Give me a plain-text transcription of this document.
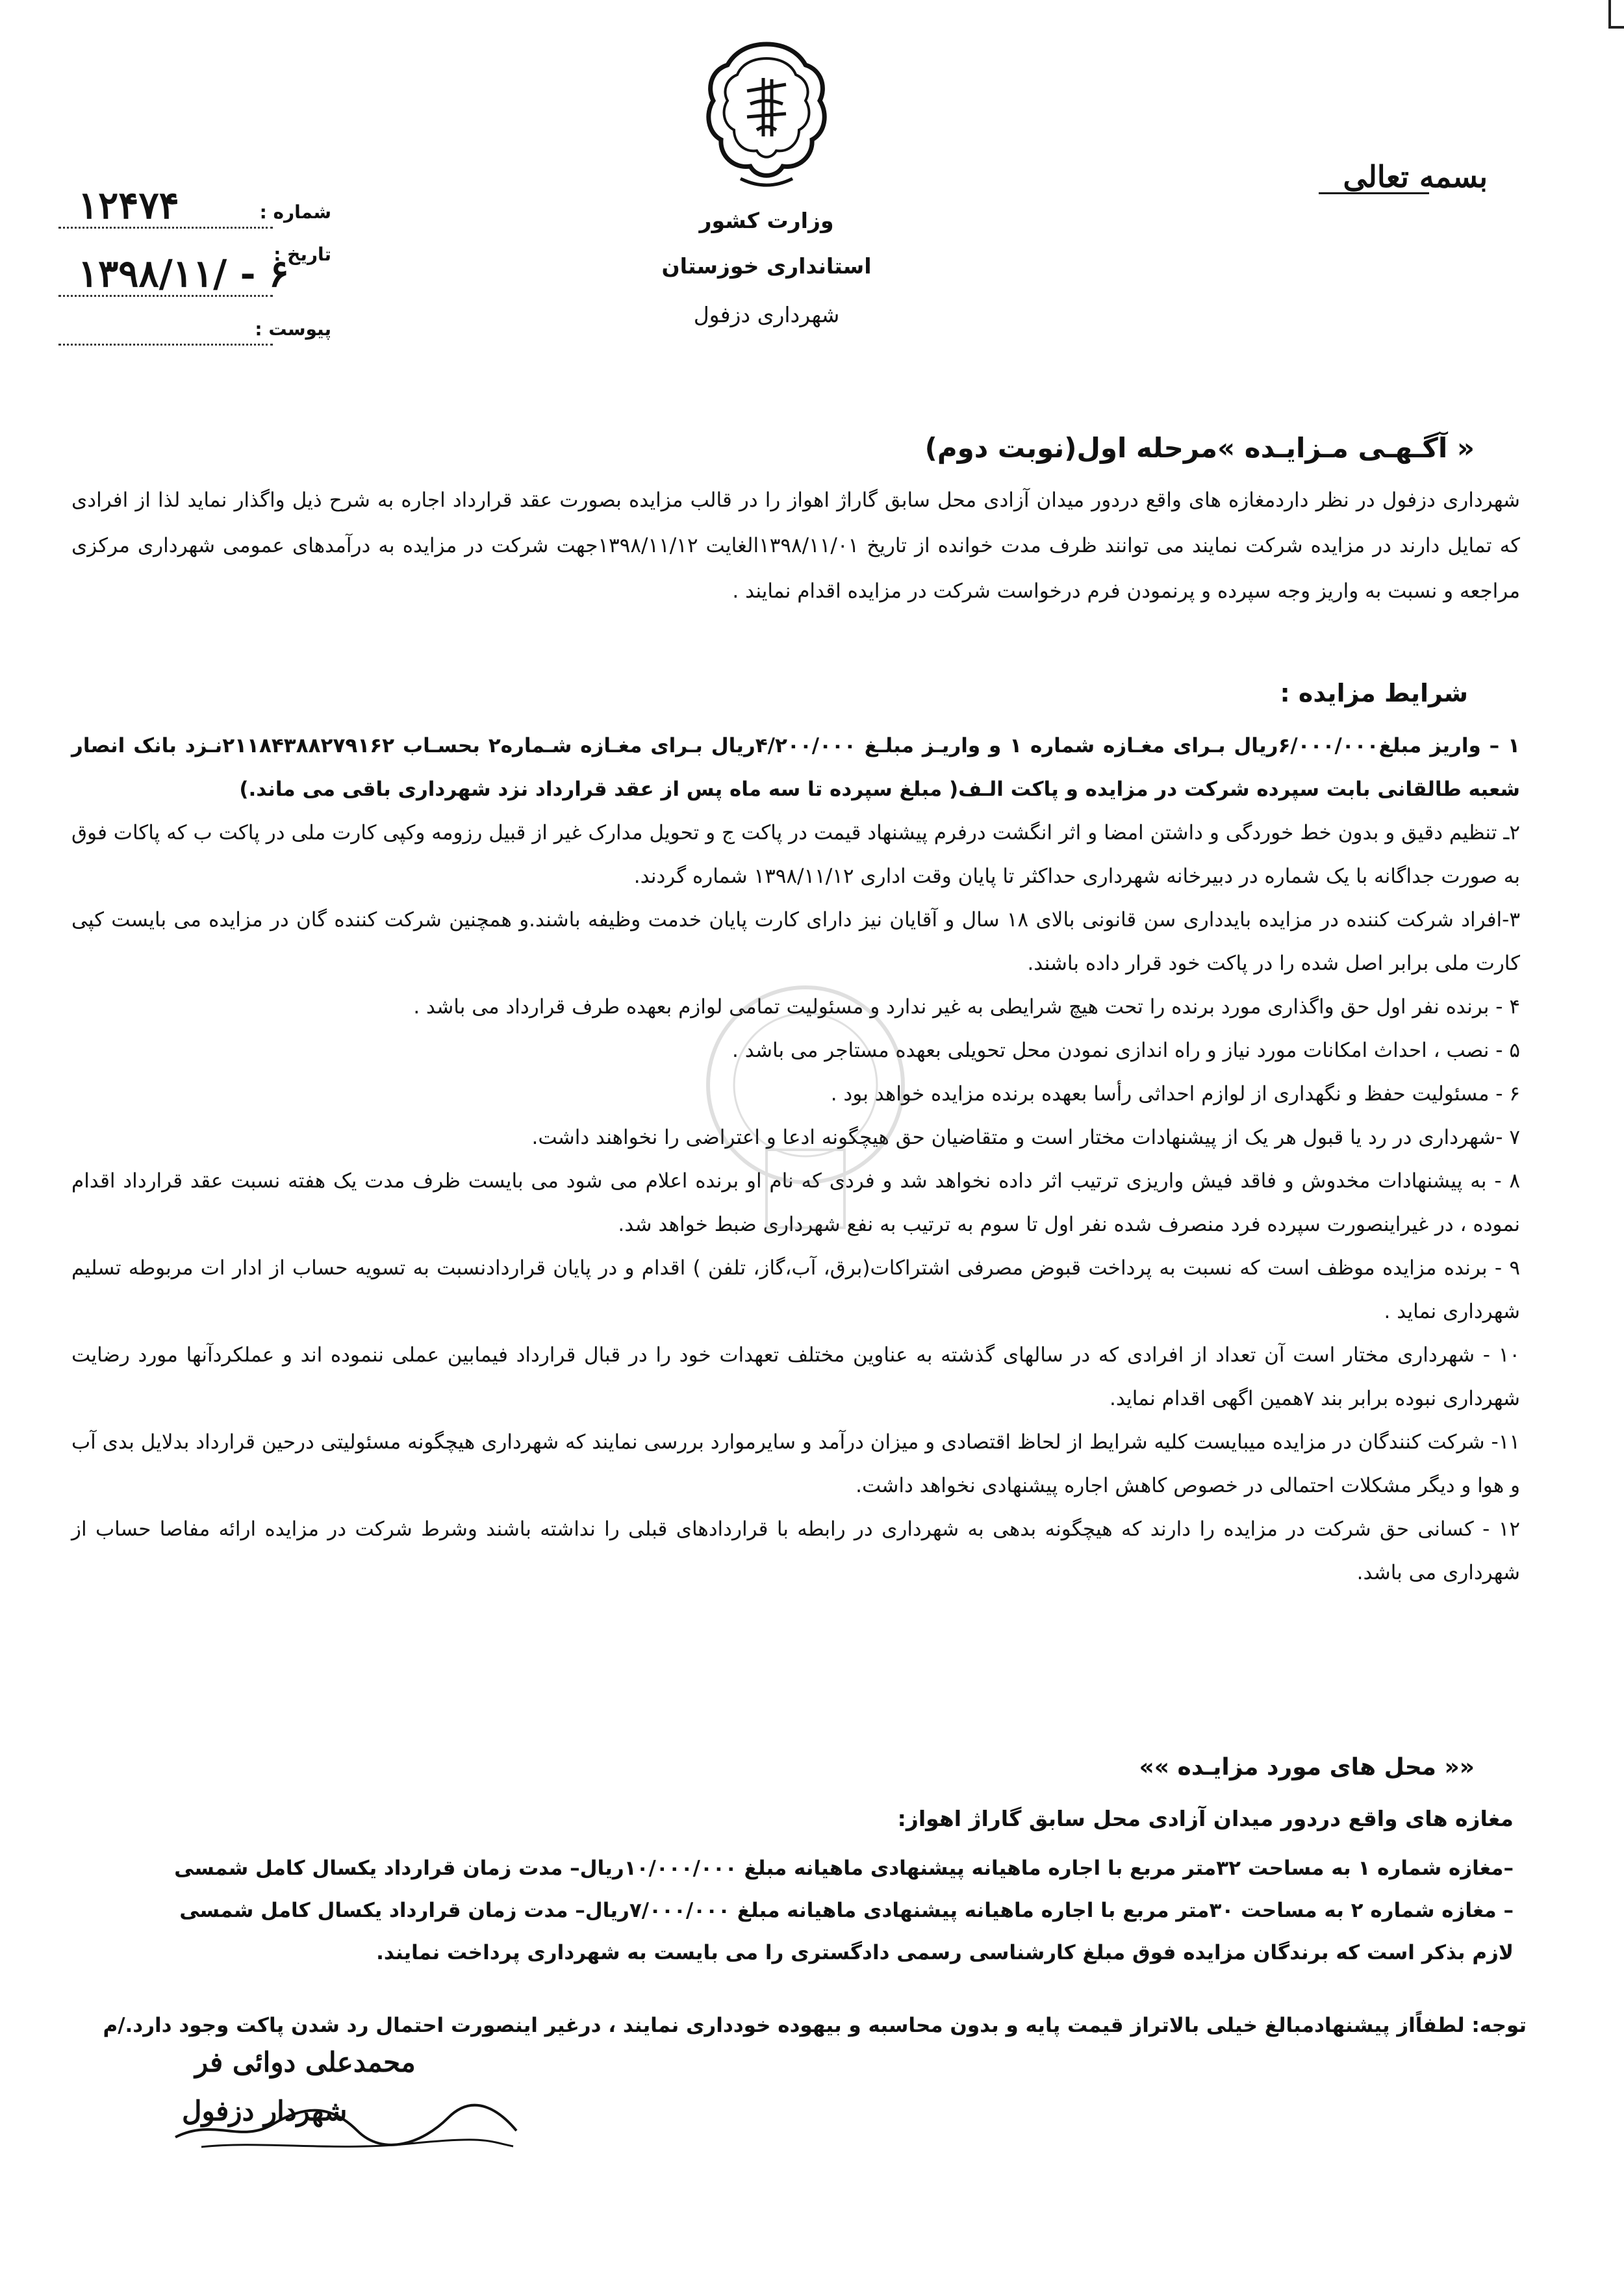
وزارت کشور
استانداری خوزستان
شهرداری دزفول
بسمه تعالی
شماره :
۱۲۴۷۴
تاریخ :
۱۳۹۸/۱۱/ - ۶
پیوست :
« آگـهـی مـزایـده »مرحله اول(نوبت دوم)
شهرداری دزفول در نظر داردمغازه های واقع دردور میدان آزادی محل سابق گاراژ اهواز را در قالب مزایده بصورت عقد قرارداد اجاره به شرح ذیل واگذار نماید لذا از افرادی که تمایل دارند در مزایده شرکت نمایند می توانند ظرف مدت خوانده از تاریخ ۱۳۹۸/۱۱/۰۱الغایت ۱۳۹۸/۱۱/۱۲جهت شرکت در مزایده به درآمدهای عمومی شهرداری مرکزی مراجعه و نسبت به واریز وجه سپرده و پرنمودن فرم درخواست شرکت در مزایده اقدام نمایند .
شرایط مزایده :
۱ – واریز مبلغ۶/۰۰۰/۰۰۰ریال بـرای مغـازه شماره ۱ و واریـز مبلـغ ۴/۲۰۰/۰۰۰ریال بـرای مغـازه شـماره۲ بحسـاب ۲۱۱۸۴۳۸۸۲۷۹۱۶۲نـزد بانک انصار شعبه طالقانی بابت سپرده شرکت در مزایده و پاکت الـف( مبلغ سپرده تا سه ماه پس از عقد قرارداد نزد شهرداری باقی می ماند.)
۲ـ تنظیم دقیق و بدون خط خوردگی و داشتن امضا و اثر انگشت درفرم پیشنهاد قیمت در پاکت ج و تحویل مدارک غیر از قبیل رزومه وکپی کارت ملی در پاکت ب که پاکات فوق به صورت جداگانه با یک شماره در دبیرخانه شهرداری حداکثر تا پایان وقت اداری ۱۳۹۸/۱۱/۱۲ شماره گردند.
۳-افراد شرکت کننده در مزایده بایدداری سن قانونی بالای ۱۸ سال و آقایان نیز دارای کارت پایان خدمت وظیفه باشند.و همچنین شرکت کننده گان در مزایده می بایست کپی کارت ملی برابر اصل شده را در پاکت خود قرار داده باشند.
۴ - برنده نفر اول حق واگذاری مورد برنده را تحت هیچ شرایطی به غیر ندارد و مسئولیت تمامی لوازم بعهده طرف قرارداد می باشد .
۵ - نصب ، احداث امکانات مورد نیاز و راه اندازی نمودن محل تحویلی بعهده مستاجر می باشد .
۶ - مسئولیت حفظ و نگهداری از لوازم احداثی رأسا بعهده برنده مزایده خواهد بود .
۷ -شهرداری در رد یا قبول هر یک از پیشنهادات مختار است و متقاضیان حق هیچگونه ادعا و اعتراضی را نخواهند داشت.
۸ - به پیشنهادات مخدوش و فاقد فیش واریزی ترتیب اثر داده نخواهد شد و فردی که نام او برنده اعلام می شود می بایست ظرف مدت یک هفته نسبت عقد قرارداد اقدام نموده ، در غیراینصورت سپرده فرد منصرف شده نفر اول تا سوم به ترتیب به نفع شهرداری ضبط خواهد شد.
۹ - برنده مزایده موظف است که نسبت به پرداخت قبوض مصرفی اشتراکات(برق، آب،گاز، تلفن ) اقدام و در پایان قراردادنسبت به تسویه حساب از ادار ات مربوطه تسلیم شهرداری نماید .
۱۰ - شهرداری مختار است آن تعداد از افرادی که در سالهای گذشته به عناوین مختلف تعهدات خود را در قبال قرارداد فیمابین عملی ننموده اند و عملکردآنها مورد رضایت شهرداری نبوده برابر بند ۷همین اگهی اقدام نماید.
۱۱- شرکت کنندگان در مزایده میبایست کلیه شرایط از لحاظ اقتصادی و میزان درآمد و سایرموارد بررسی نمایند که شهرداری هیچگونه مسئولیتی درحین قرارداد بدلایل بدی آب و هوا و دیگر مشکلات احتمالی در خصوص کاهش اجاره پیشنهادی نخواهد داشت.
۱۲ - کسانی حق شرکت در مزایده را دارند که هیچگونه بدهی به شهرداری در رابطه با قراردادهای قبلی را نداشته باشند وشرط شرکت در مزایده ارائه مفاصا حساب از شهرداری می باشد.
«« محل های مورد مزایـده »»
مغازه های واقع دردور میدان آزادی محل سابق گاراژ اهواز:
–مغازه شماره ۱ به مساحت ۳۲متر مربع با اجاره ماهیانه پیشنهادی ماهیانه مبلغ ۱۰/۰۰۰/۰۰۰ریال– مدت زمان قرارداد یکسال کامل شمسی
– مغازه شماره ۲ به مساحت ۳۰متر مربع با اجاره ماهیانه پیشنهادی ماهیانه مبلغ ۷/۰۰۰/۰۰۰ریال– مدت زمان قرارداد یکسال کامل شمسی
لازم بذکر است که برندگان مزایده فوق مبلغ کارشناسی رسمی دادگستری را می بایست به شهرداری پرداخت نمایند.
توجه: لطفاًاز پیشنهادمبالغ خیلی بالاتراز قیمت پایه و بدون محاسبه و بیهوده خودداری نمایند ، درغیر اینصورت احتمال رد شدن پاکت وجود دارد./م
محمدعلی دوائی فر
شهردار دزفول
